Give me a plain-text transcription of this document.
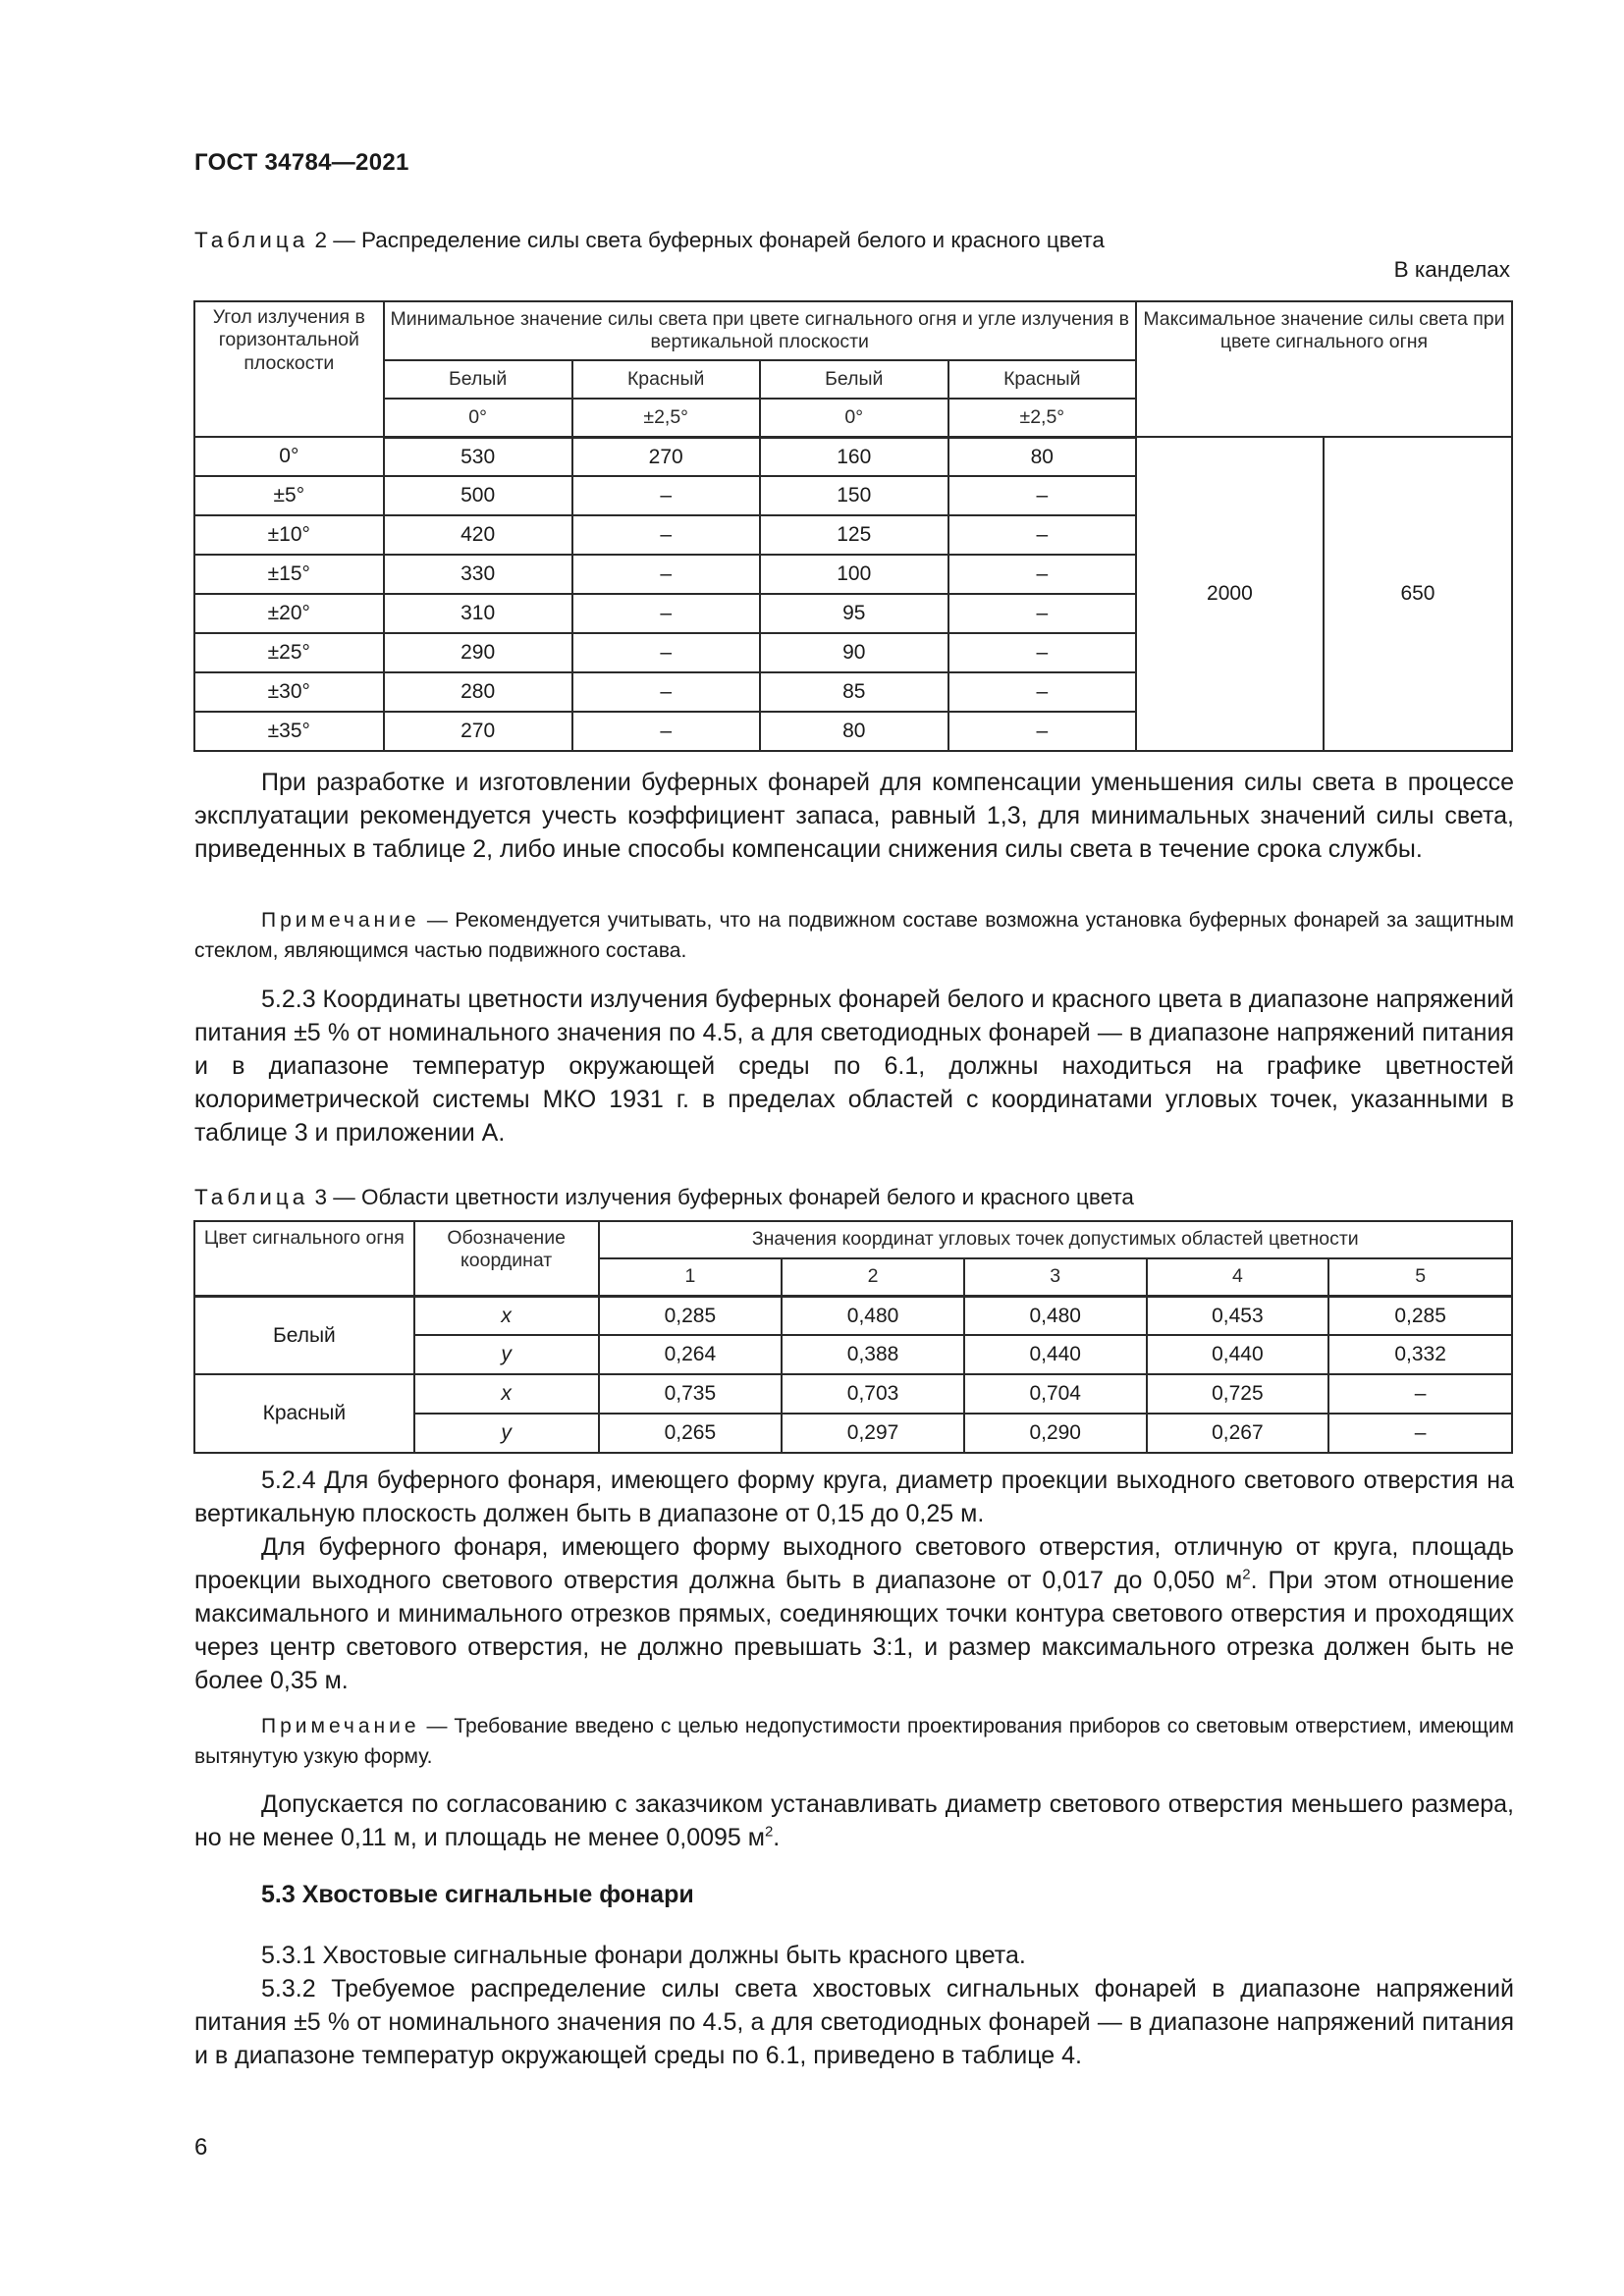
ГОСТ 34784—2021
Таблица 2 — Распределение силы света буферных фонарей белого и красного цвета
В канделах
Угол излучения в горизонтальной плоскости	Минимальное значение силы света при цвете сигнального огня и угле излучения в вертикальной плоскости				Максимальное значение силы света при цвете сигнального огня	
	Белый	Красный	Белый	Красный		
	0°	±2,5°	0°	±2,5°		
0°	530	270	160	80	2000	650
±5°	500	–	150	–		
±10°	420	–	125	–		
±15°	330	–	100	–		
±20°	310	–	95	–		
±25°	290	–	90	–		
±30°	280	–	85	–		
±35°	270	–	80	–		

При разработке и изготовлении буферных фонарей для компенсации уменьшения силы света в процессе эксплуатации рекомендуется учесть коэффициент запаса, равный 1,3, для минимальных значений силы света, приведенных в таблице 2, либо иные способы компенсации снижения силы света в течение срока службы.

Примечание — Рекомендуется учитывать, что на подвижном составе возможна установка буферных фонарей за защитным стеклом, являющимся частью подвижного состава.

5.2.3 Координаты цветности излучения буферных фонарей белого и красного цвета в диапазоне напряжений питания ±5 % от номинального значения по 4.5, а для светодиодных фонарей — в диапазоне напряжений питания и в диапазоне температур окружающей среды по 6.1, должны находиться на графике цветностей колориметрической системы МКО 1931 г. в пределах областей с координатами угловых точек, указанными в таблице 3 и приложении А.

Таблица 3 — Области цветности излучения буферных фонарей белого и красного цвета
Цвет сигнального огня	Обозначение координат	Значения координат угловых точек допустимых областей цветности				
		1	2	3	4	5
Белый	x	0,285	0,480	0,480	0,453	0,285
	y	0,264	0,388	0,440	0,440	0,332
Красный	x	0,735	0,703	0,704	0,725	–
	y	0,265	0,297	0,290	0,267	–

5.2.4 Для буферного фонаря, имеющего форму круга, диаметр проекции выходного светового отверстия на вертикальную плоскость должен быть в диапазоне от 0,15 до 0,25 м.

Для буферного фонаря, имеющего форму выходного светового отверстия, отличную от круга, площадь проекции выходного светового отверстия должна быть в диапазоне от 0,017 до 0,050 $м^2$. При этом отношение максимального и минимального отрезков прямых, соединяющих точки контура светового отверстия и проходящих через центр светового отверстия, не должно превышать 3:1, и размер максимального отрезка должен быть не более 0,35 м.

Примечание — Требование введено с целью недопустимости проектирования приборов со световым отверстием, имеющим вытянутую узкую форму.

Допускается по согласованию с заказчиком устанавливать диаметр светового отверстия меньшего размера, но не менее 0,11 м, и площадь не менее 0,0095 $м^2$.

5.3 Хвостовые сигнальные фонари

5.3.1 Хвостовые сигнальные фонари должны быть красного цвета.

5.3.2 Требуемое распределение силы света хвостовых сигнальных фонарей в диапазоне напряжений питания ±5 % от номинального значения по 4.5, а для светодиодных фонарей — в диапазоне напряжений питания и в диапазоне температур окружающей среды по 6.1, приведено в таблице 4.

6
